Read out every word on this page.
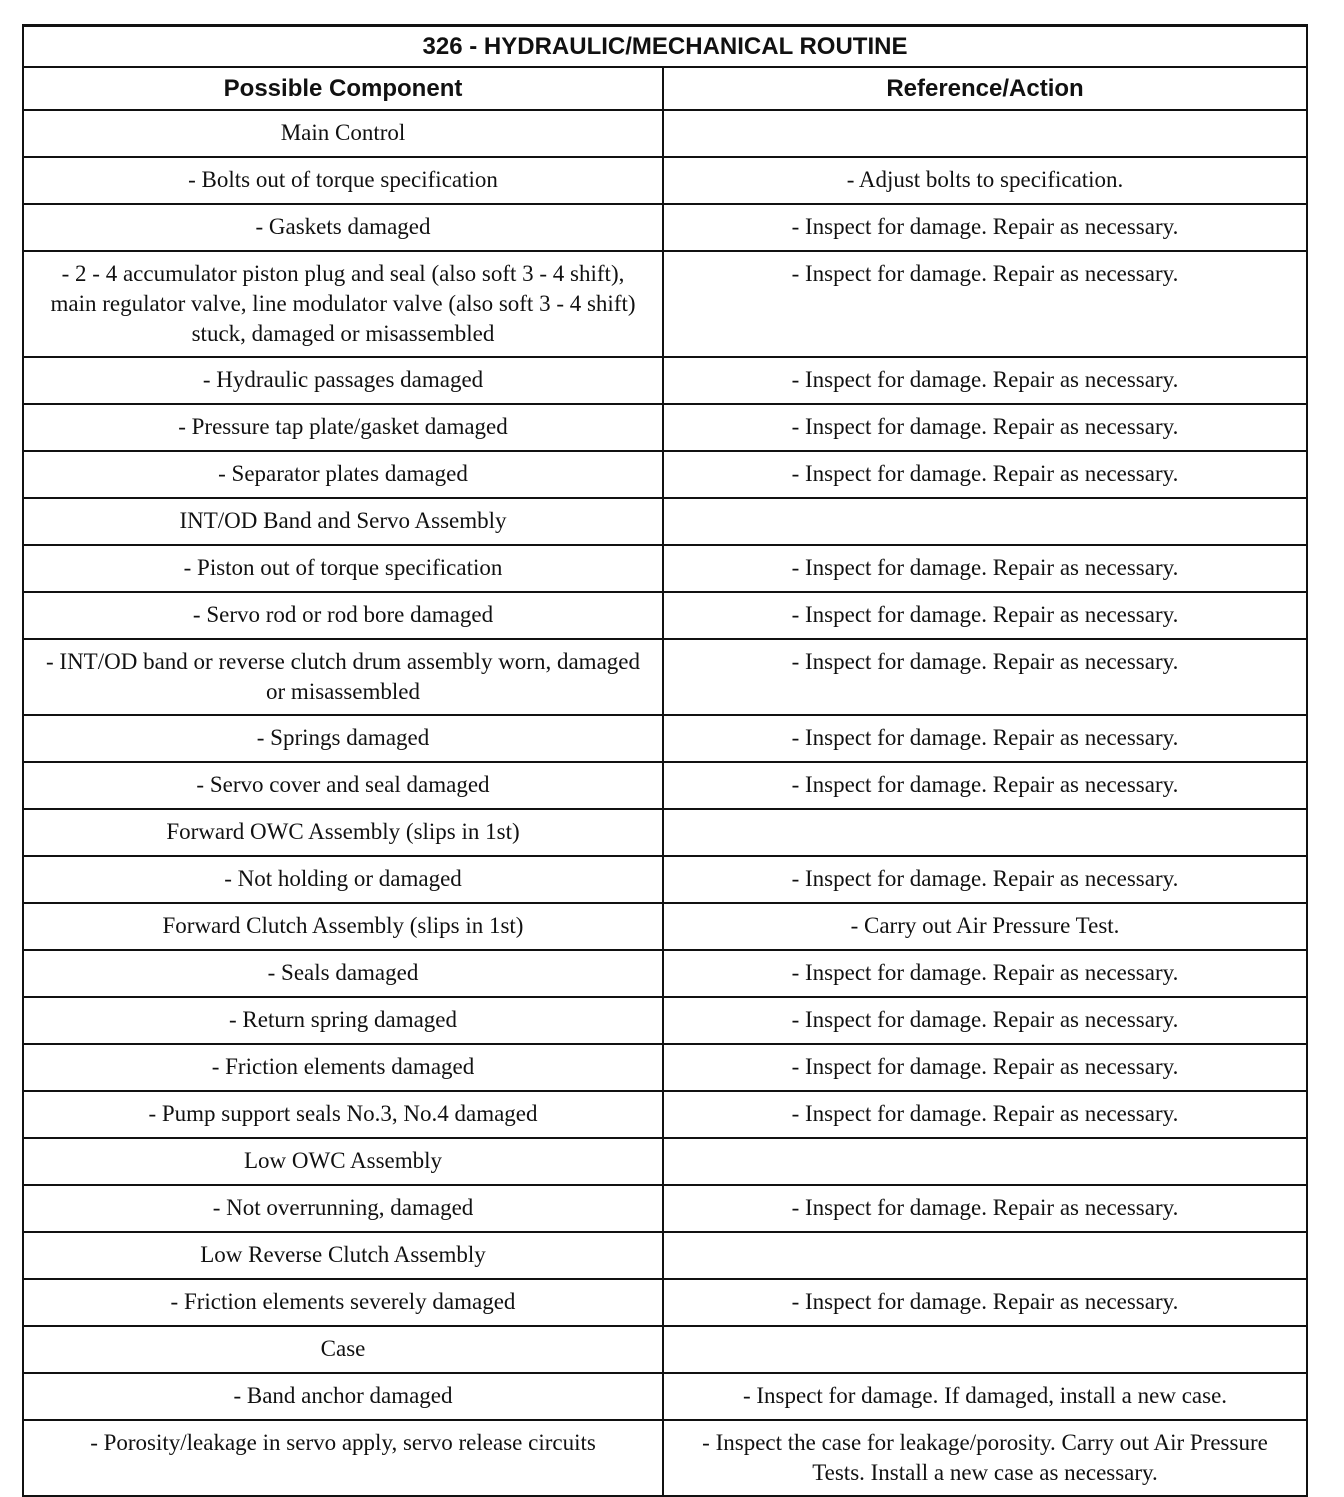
326 - HYDRAULIC/MECHANICAL ROUTINE	
Possible Component	Reference/Action
Main Control	
- Bolts out of torque specification	- Adjust bolts to specification.
- Gaskets damaged	- Inspect for damage. Repair as necessary.
- 2 - 4 accumulator piston plug and seal (also soft 3 - 4 shift), main regulator valve, line modulator valve (also soft 3 - 4 shift) stuck, damaged or misassembled	- Inspect for damage. Repair as necessary.
- Hydraulic passages damaged	- Inspect for damage. Repair as necessary.
- Pressure tap plate/gasket damaged	- Inspect for damage. Repair as necessary.
- Separator plates damaged	- Inspect for damage. Repair as necessary.
INT/OD Band and Servo Assembly	
- Piston out of torque specification	- Inspect for damage. Repair as necessary.
- Servo rod or rod bore damaged	- Inspect for damage. Repair as necessary.
- INT/OD band or reverse clutch drum assembly worn, damaged or misassembled	- Inspect for damage. Repair as necessary.
- Springs damaged	- Inspect for damage. Repair as necessary.
- Servo cover and seal damaged	- Inspect for damage. Repair as necessary.
Forward OWC Assembly (slips in 1st)	
- Not holding or damaged	- Inspect for damage. Repair as necessary.
Forward Clutch Assembly (slips in 1st)	- Carry out Air Pressure Test.
- Seals damaged	- Inspect for damage. Repair as necessary.
- Return spring damaged	- Inspect for damage. Repair as necessary.
- Friction elements damaged	- Inspect for damage. Repair as necessary.
- Pump support seals No.3, No.4 damaged	- Inspect for damage. Repair as necessary.
Low OWC Assembly	
- Not overrunning, damaged	- Inspect for damage. Repair as necessary.
Low Reverse Clutch Assembly	
- Friction elements severely damaged	- Inspect for damage. Repair as necessary.
Case	
- Band anchor damaged	- Inspect for damage. If damaged, install a new case.
- Porosity/leakage in servo apply, servo release circuits	- Inspect the case for leakage/porosity. Carry out Air Pressure Tests. Install a new case as necessary.
